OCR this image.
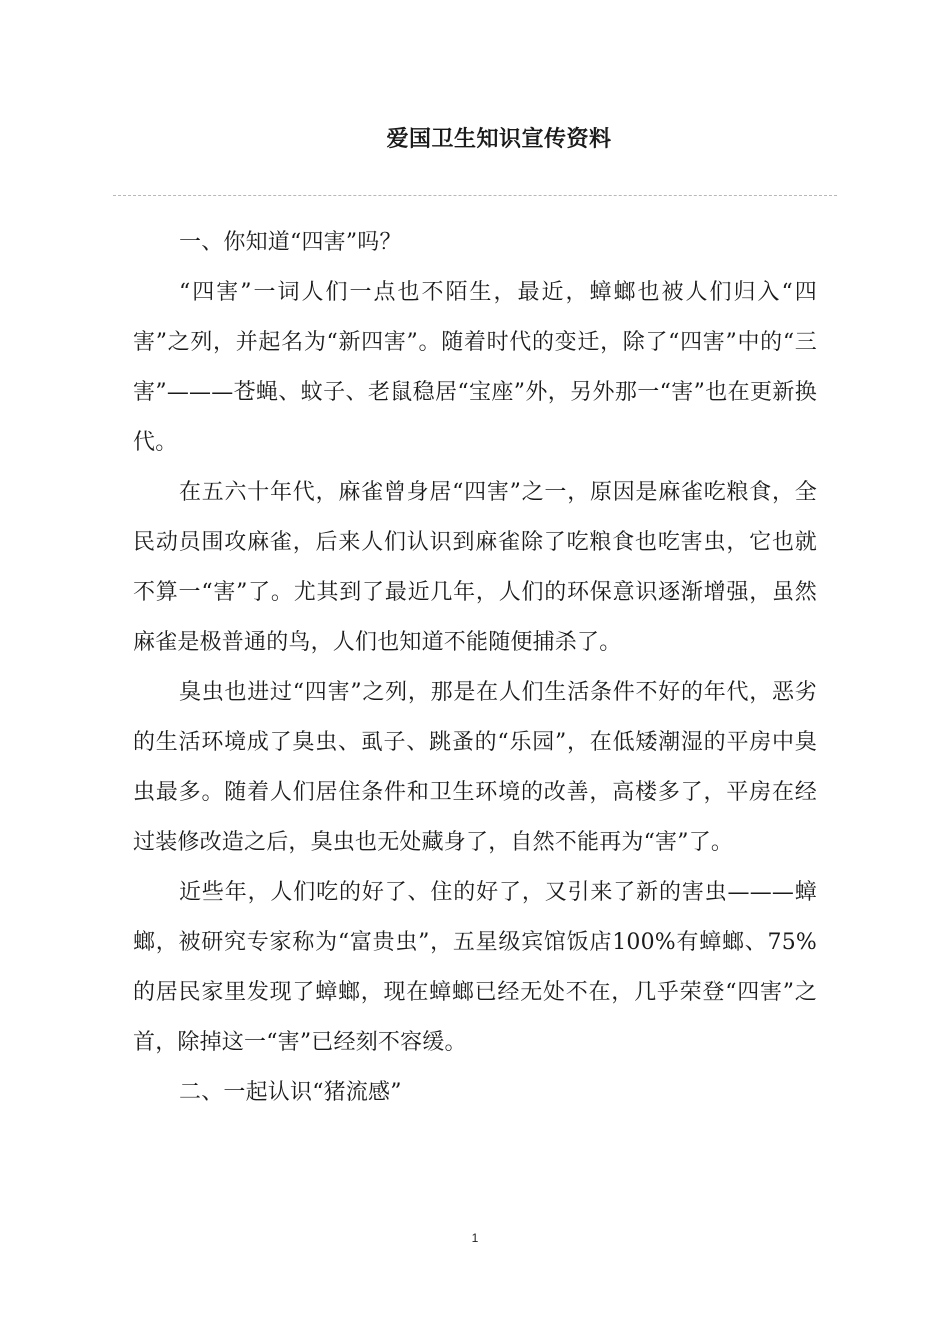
爱国卫生知识宣传资料

一、你知道“四害”吗？

“四害”一词人们一点也不陌生，最近，蟑螂也被人们归入“四害”之列，并起名为“新四害”。随着时代的变迁，除了“四害”中的“三害”———苍蝇、蚊子、老鼠稳居“宝座”外，另外那一“害”也在更新换代。

在五六十年代，麻雀曾身居“四害”之一，原因是麻雀吃粮食，全民动员围攻麻雀，后来人们认识到麻雀除了吃粮食也吃害虫，它也就不算一“害”了。尤其到了最近几年，人们的环保意识逐渐增强，虽然麻雀是极普通的鸟，人们也知道不能随便捕杀了。

臭虫也进过“四害”之列，那是在人们生活条件不好的年代，恶劣的生活环境成了臭虫、虱子、跳蚤的“乐园”，在低矮潮湿的平房中臭虫最多。随着人们居住条件和卫生环境的改善，高楼多了，平房在经过装修改造之后，臭虫也无处藏身了，自然不能再为“害”了。

近些年，人们吃的好了、住的好了，又引来了新的害虫———蟑螂，被研究专家称为“富贵虫”，五星级宾馆饭店100%有蟑螂、75%的居民家里发现了蟑螂，现在蟑螂已经无处不在，几乎荣登“四害”之首，除掉这一“害”已经刻不容缓。

二、一起认识“猪流感”

1
